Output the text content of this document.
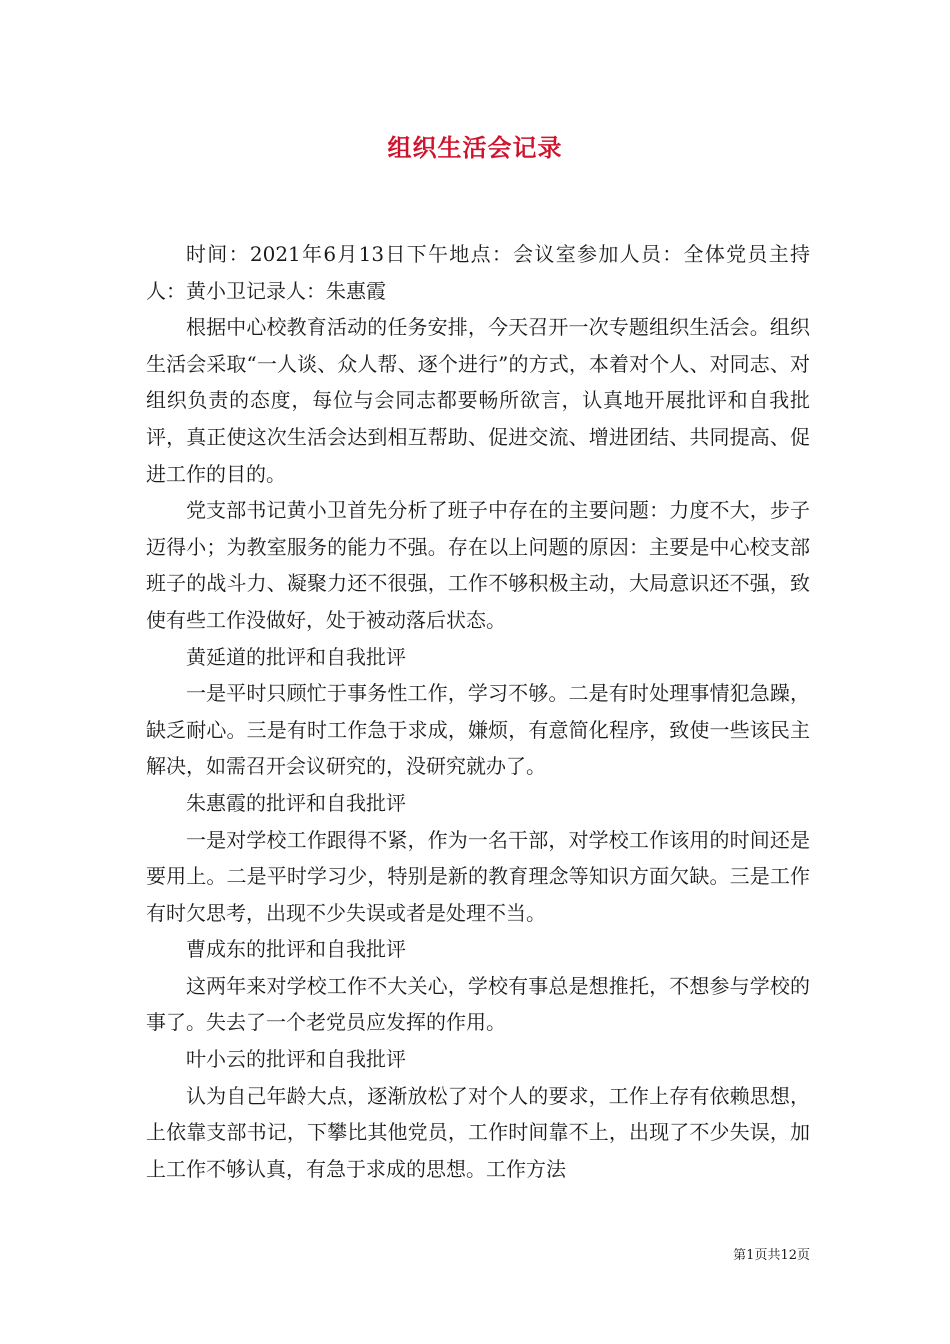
组织生活会记录

时间：2021年6月13日下午地点：会议室参加人员：全体党员主持人：黄小卫记录人：朱惠霞

根据中心校教育活动的任务安排，今天召开一次专题组织生活会。组织生活会采取“一人谈、众人帮、逐个进行”的方式，本着对个人、对同志、对组织负责的态度，每位与会同志都要畅所欲言，认真地开展批评和自我批评，真正使这次生活会达到相互帮助、促进交流、增进团结、共同提高、促进工作的目的。

党支部书记黄小卫首先分析了班子中存在的主要问题：力度不大，步子迈得小；为教室服务的能力不强。存在以上问题的原因：主要是中心校支部班子的战斗力、凝聚力还不很强，工作不够积极主动，大局意识还不强，致使有些工作没做好，处于被动落后状态。

黄延道的批评和自我批评

一是平时只顾忙于事务性工作，学习不够。二是有时处理事情犯急躁，缺乏耐心。三是有时工作急于求成，嫌烦，有意简化程序，致使一些该民主解决，如需召开会议研究的，没研究就办了。

朱惠霞的批评和自我批评

一是对学校工作跟得不紧，作为一名干部，对学校工作该用的时间还是要用上。二是平时学习少，特别是新的教育理念等知识方面欠缺。三是工作有时欠思考，出现不少失误或者是处理不当。

曹成东的批评和自我批评

这两年来对学校工作不大关心，学校有事总是想推托，不想参与学校的事了。失去了一个老党员应发挥的作用。

叶小云的批评和自我批评

认为自己年龄大点，逐渐放松了对个人的要求，工作上存有依赖思想，上依靠支部书记，下攀比其他党员，工作时间靠不上，出现了不少失误，加上工作不够认真，有急于求成的思想。工作方法

第1页共12页
